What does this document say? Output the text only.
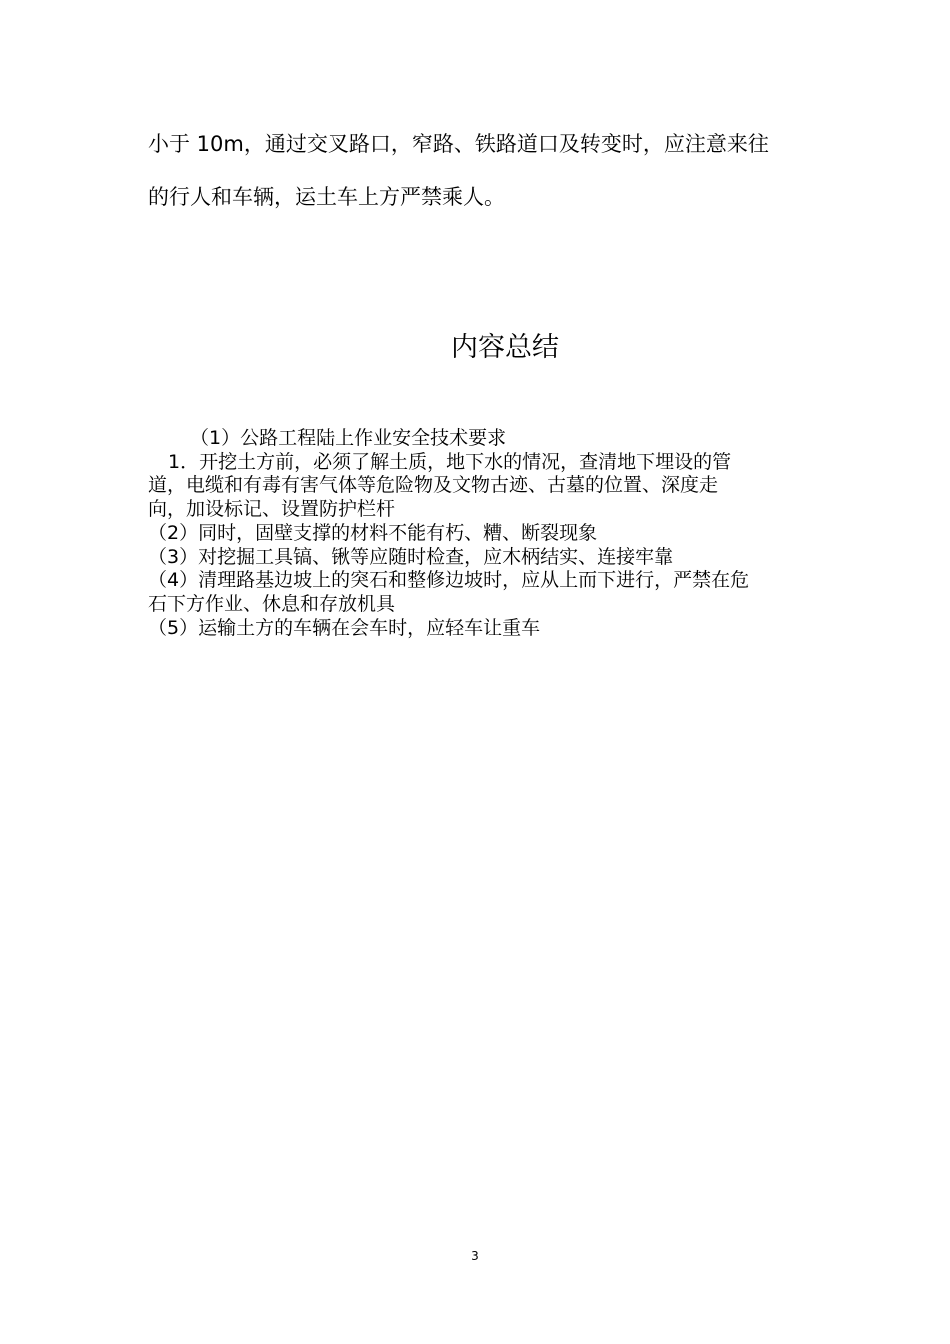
小于 10m，通过交叉路口，窄路、铁路道口及转变时，应注意来往

的行人和车辆，运土车上方严禁乘人。

内容总结

（1）公路工程陆上作业安全技术要求

1．开挖土方前，必须了解土质，地下水的情况，查清地下埋设的管

道，电缆和有毒有害气体等危险物及文物古迹、古墓的位置、深度走

向，加设标记、设置防护栏杆

（2）同时，固壁支撑的材料不能有朽、糟、断裂现象

（3）对挖掘工具镐、锹等应随时检查，应木柄结实、连接牢靠

（4）清理路基边坡上的突石和整修边坡时，应从上而下进行，严禁在危

石下方作业、休息和存放机具

（5）运输土方的车辆在会车时，应轻车让重车

3
